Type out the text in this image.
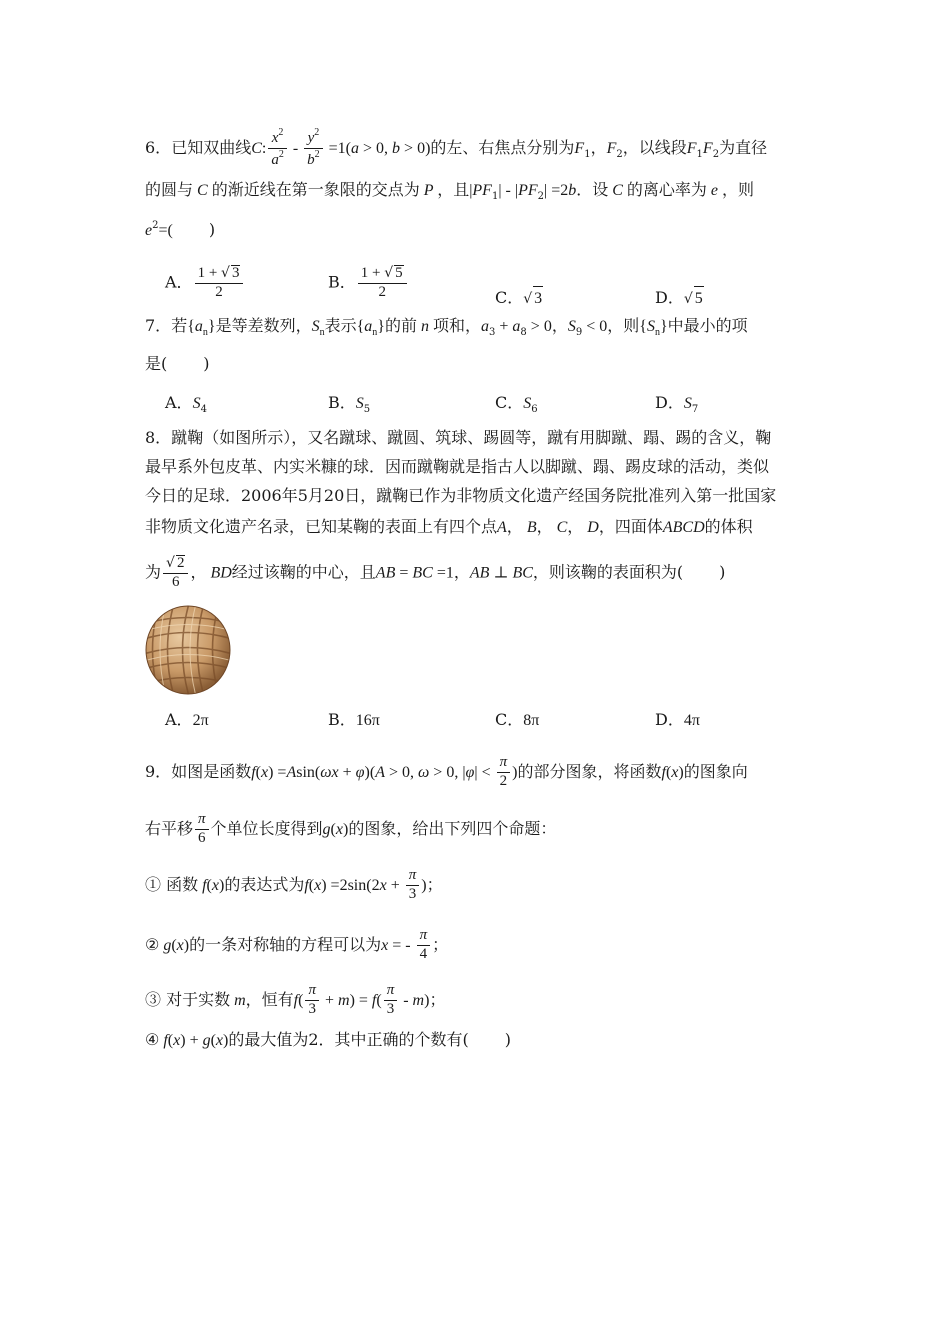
6．已知双曲线C: $\frac{x^2}{a^2} - \frac{y^2}{b^2} =1(a > 0$, b > 0)的左、右焦点分别为$F_1$，$F_2$，以线段$F_1F_2$为直径
的圆与 C 的渐近线在第一象限的交点为 P ，且$|PF_1| - |PF_2| =2b$．设 C 的离心率为 e ，则
$e^2=$( )
A． $\frac{1 + √ 3}{2}$	B． $\frac{1 + √ 5}{2}$	C．√ 3	D．√ 5
7．若$\{a_n\}$是等差数列，$S_n$表示$\{a_n\}$的前 n 项和，$a_3 + a_8 > 0$，$S_9 < 0$，则$\{S_n\}$中最小的项
是( )
A．$S_4$	B．$S_5$	C．$S_6$	D．$S_7$
8．蹴鞠（如图所示），又名蹴球、蹴圆、筑球、踢圆等，蹴有用脚蹴、蹋、踢的含义，鞠
最早系外包皮革、内实米糠的球．因而蹴鞠就是指古人以脚蹴、蹋、踢皮球的活动，类似
今日的足球．2006年5月20日，蹴鞠已作为非物质文化遗产经国务院批准列入第一批国家
非物质文化遗产名录，已知某鞠的表面上有四个点A， B， C， D，四面体ABCD的体积
为 $\frac{√ 2}{6}$ ， BD经过该鞠的中心，且AB = BC =1，AB ⊥ BC，则该鞠的表面积为( )
A．2π	B．16π	C．8π	D．4π
9．如图是函数f(x) =Asin(ωx + φ)(A > 0, ω > 0, $|\varphi| < \frac{\pi}{2}$ )的部分图象，将函数f(x)的图象向
右平移 $\frac{\pi}{6}$ 个单位长度得到g(x)的图象，给出下列四个命题：
① 函数 f(x)的表达式为$f(x) =2\sin(2x + \frac{\pi}{3}$ )；
② g(x)的一条对称轴的方程可以为x = - $\frac{\pi}{4}$ ；
③ 对于实数 m，恒有$f( \frac{\pi}{3} + m) = f( \frac{\pi}{3} - m)$；
④ f(x) + g(x)的最大值为2．其中正确的个数有( )
